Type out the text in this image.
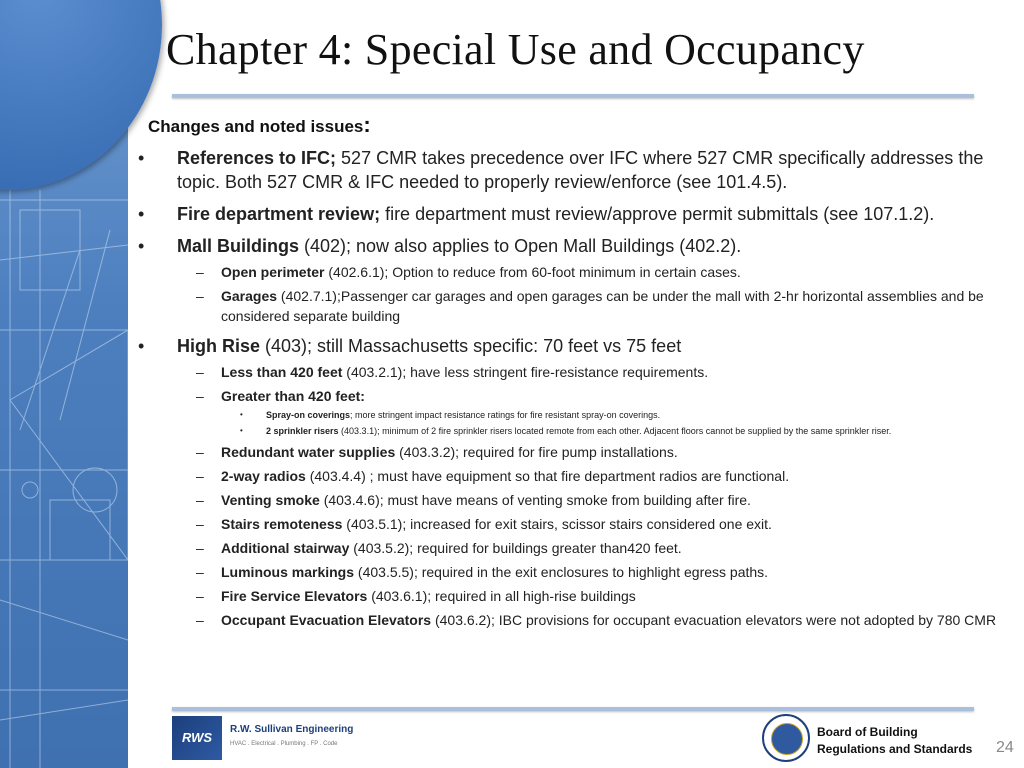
Chapter 4: Special Use and Occupancy
Changes and noted issues:
• References to IFC; 527 CMR takes precedence over IFC where 527 CMR specifically addresses the topic. Both 527 CMR & IFC needed to properly review/enforce (see 101.4.5).
• Fire department review; fire department must review/approve permit submittals (see 107.1.2).
• Mall Buildings (402); now also applies to Open Mall Buildings (402.2).
– Open perimeter (402.6.1); Option to reduce from 60-foot minimum in certain cases.
– Garages (402.7.1);Passenger car garages and open garages can be under the mall with 2-hr horizontal assemblies and be considered separate building
• High Rise (403); still Massachusetts specific: 70 feet vs 75 feet
– Less than 420 feet (403.2.1); have less stringent fire-resistance requirements.
– Greater than 420 feet:
•	Spray-on coverings; more stringent impact resistance ratings for fire resistant spray-on coverings.
•	2 sprinkler risers (403.3.1); minimum of 2 fire sprinkler risers located remote from each other. Adjacent floors cannot be supplied by the same sprinkler riser.
– Redundant water supplies (403.3.2); required for fire pump installations.
– 2-way radios (403.4.4) ; must have equipment so that fire department radios are functional.
– Venting smoke (403.4.6); must have means of venting smoke from building after fire.
– Stairs remoteness (403.5.1); increased for exit stairs, scissor stairs considered one exit.
– Additional stairway (403.5.2); required for buildings greater than420 feet.
– Luminous markings (403.5.5); required in the exit enclosures to highlight egress paths.
– Fire Service Elevators (403.6.1); required in all high-rise buildings
– Occupant Evacuation Elevators (403.6.2); IBC provisions for occupant evacuation elevators were not adopted by 780 CMR
RWS
R.W. Sullivan Engineering
HVAC . Electrical . Plumbing . FP . Code
Board of Building
Regulations and Standards 24
